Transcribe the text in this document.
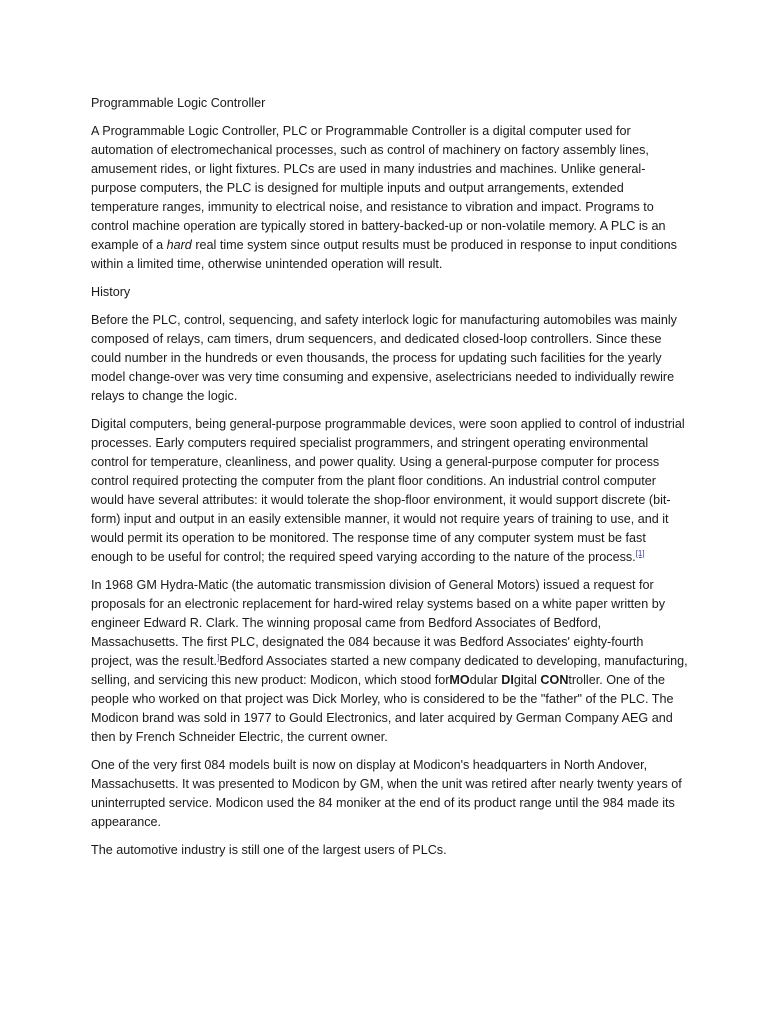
Programmable Logic Controller

A Programmable Logic Controller, PLC or Programmable Controller is a digital computer used for automation of electromechanical processes, such as control of machinery on factory assembly lines, amusement rides, or light fixtures. PLCs are used in many industries and machines. Unlike general-purpose computers, the PLC is designed for multiple inputs and output arrangements, extended temperature ranges, immunity to electrical noise, and resistance to vibration and impact. Programs to control machine operation are typically stored in battery-backed-up or non-volatile memory. A PLC is an example of a hard real time system since output results must be produced in response to input conditions within a limited time, otherwise unintended operation will result.

History

Before the PLC, control, sequencing, and safety interlock logic for manufacturing automobiles was mainly composed of relays, cam timers, drum sequencers, and dedicated closed-loop controllers. Since these could number in the hundreds or even thousands, the process for updating such facilities for the yearly model change-over was very time consuming and expensive, aselectricians needed to individually rewire relays to change the logic.

Digital computers, being general-purpose programmable devices, were soon applied to control of industrial processes. Early computers required specialist programmers, and stringent operating environmental control for temperature, cleanliness, and power quality. Using a general-purpose computer for process control required protecting the computer from the plant floor conditions. An industrial control computer would have several attributes: it would tolerate the shop-floor environment, it would support discrete (bit-form) input and output in an easily extensible manner, it would not require years of training to use, and it would permit its operation to be monitored. The response time of any computer system must be fast enough to be useful for control; the required speed varying according to the nature of the process.[1]

In 1968 GM Hydra-Matic (the automatic transmission division of General Motors) issued a request for proposals for an electronic replacement for hard-wired relay systems based on a white paper written by engineer Edward R. Clark. The winning proposal came from Bedford Associates of Bedford, Massachusetts. The first PLC, designated the 084 because it was Bedford Associates' eighty-fourth project, was the result.]Bedford Associates started a new company dedicated to developing, manufacturing, selling, and servicing this new product: Modicon, which stood forMOdular DIgital CONtroller. One of the people who worked on that project was Dick Morley, who is considered to be the "father" of the PLC. The Modicon brand was sold in 1977 to Gould Electronics, and later acquired by German Company AEG and then by French Schneider Electric, the current owner.

One of the very first 084 models built is now on display at Modicon's headquarters in North Andover, Massachusetts. It was presented to Modicon by GM, when the unit was retired after nearly twenty years of uninterrupted service. Modicon used the 84 moniker at the end of its product range until the 984 made its appearance.

The automotive industry is still one of the largest users of PLCs.
